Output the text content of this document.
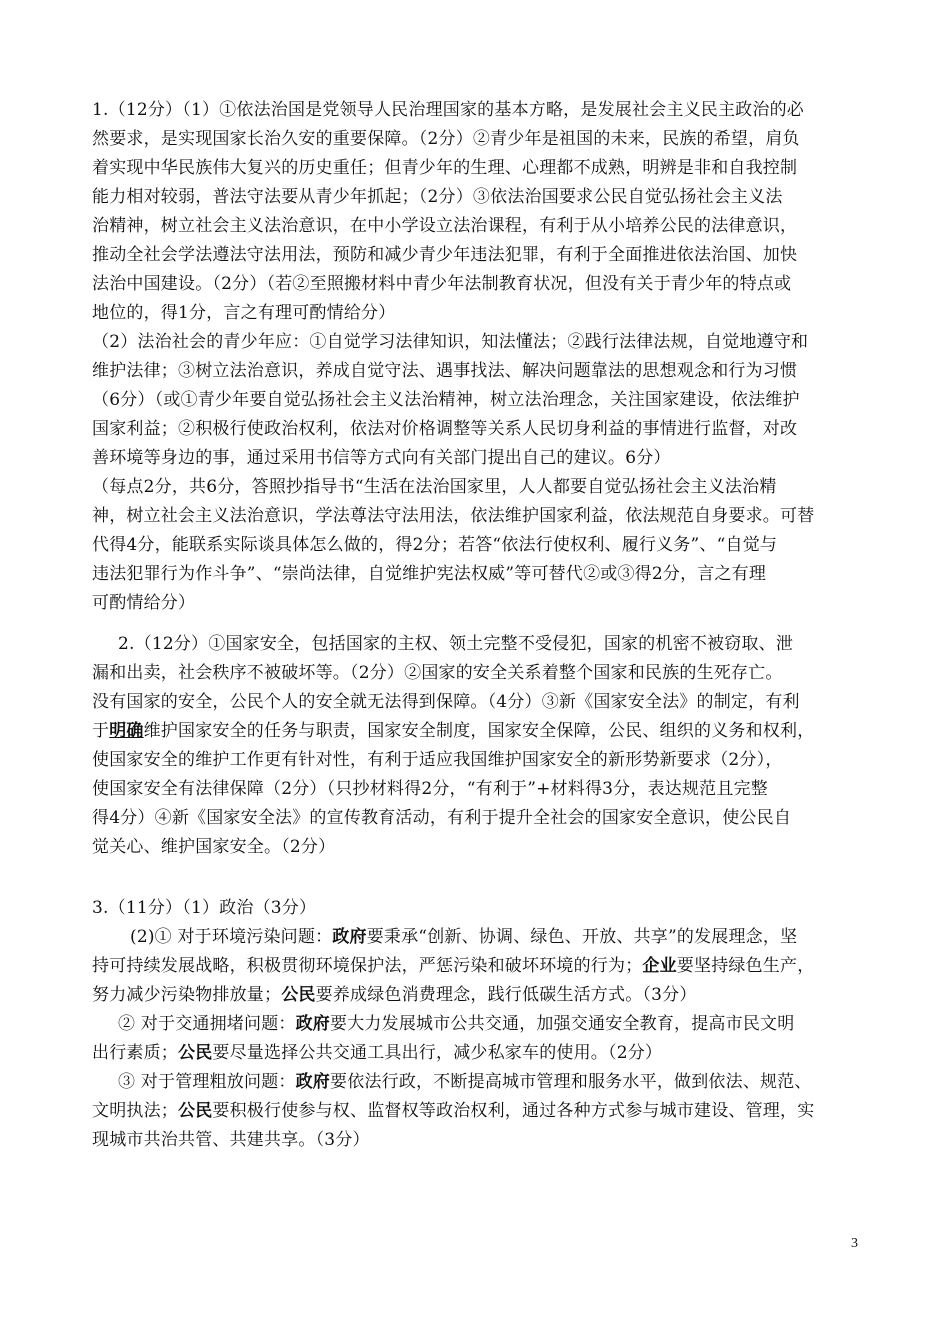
1.（12分）（1）①依法治国是党领导人民治理国家的基本方略，是发展社会主义民主政治的必
然要求，是实现国家长治久安的重要保障。（2分）②青少年是祖国的未来，民族的希望，肩负
着实现中华民族伟大复兴的历史重任；但青少年的生理、心理都不成熟，明辨是非和自我控制
能力相对较弱，普法守法要从青少年抓起；（2分）③依法治国要求公民自觉弘扬社会主义法
治精神，树立社会主义法治意识，在中小学设立法治课程，有利于从小培养公民的法律意识，
推动全社会学法遵法守法用法，预防和减少青少年违法犯罪，有利于全面推进依法治国、加快
法治中国建设。（2分）（若②至照搬材料中青少年法制教育状况，但没有关于青少年的特点或
地位的，得1分，言之有理可酌情给分）
（2）法治社会的青少年应：①自觉学习法律知识，知法懂法；②践行法律法规，自觉地遵守和
维护法律；③树立法治意识，养成自觉守法、遇事找法、解决问题靠法的思想观念和行为习惯
（6分）（或①青少年要自觉弘扬社会主义法治精神，树立法治理念，关注国家建设，依法维护
国家利益；②积极行使政治权利，依法对价格调整等关系人民切身利益的事情进行监督，对改
善环境等身边的事，通过采用书信等方式向有关部门提出自己的建议。6分）
（每点2分，共6分，答照抄指导书“生活在法治国家里，人人都要自觉弘扬社会主义法治精
神，树立社会主义法治意识，学法尊法守法用法，依法维护国家利益，依法规范自身要求。可替
代得4分，能联系实际谈具体怎么做的，得2分；若答“依法行使权利、履行义务”、“自觉与
违法犯罪行为作斗争”、“崇尚法律，自觉维护宪法权威”等可替代②或③得2分，言之有理
可酌情给分）
2.（12分）①国家安全，包括国家的主权、领土完整不受侵犯，国家的机密不被窃取、泄
漏和出卖，社会秩序不被破坏等。（2分）②国家的安全关系着整个国家和民族的生死存亡。
没有国家的安全，公民个人的安全就无法得到保障。（4分）③新《国家安全法》的制定，有利
于明确维护国家安全的任务与职责，国家安全制度，国家安全保障，公民、组织的义务和权利，
使国家安全的维护工作更有针对性，有利于适应我国维护国家安全的新形势新要求（2分），
使国家安全有法律保障（2分）（只抄材料得2分，“有利于”+材料得3分，表达规范且完整
得4分）④新《国家安全法》的宣传教育活动，有利于提升全社会的国家安全意识，使公民自
觉关心、维护国家安全。（2分）
3.（11分）（1）政治（3分）
(2)① 对于环境污染问题：政府要秉承“创新、协调、绿色、开放、共享”的发展理念，坚
持可持续发展战略，积极贯彻环境保护法，严惩污染和破坏环境的行为；企业要坚持绿色生产，
努力减少污染物排放量；公民要养成绿色消费理念，践行低碳生活方式。（3分）
② 对于交通拥堵问题：政府要大力发展城市公共交通，加强交通安全教育，提高市民文明
出行素质；公民要尽量选择公共交通工具出行，减少私家车的使用。（2分）
③ 对于管理粗放问题：政府要依法行政，不断提高城市管理和服务水平，做到依法、规范、
文明执法；公民要积极行使参与权、监督权等政治权利，通过各种方式参与城市建设、管理，实
现城市共治共管、共建共享。（3分）
3
